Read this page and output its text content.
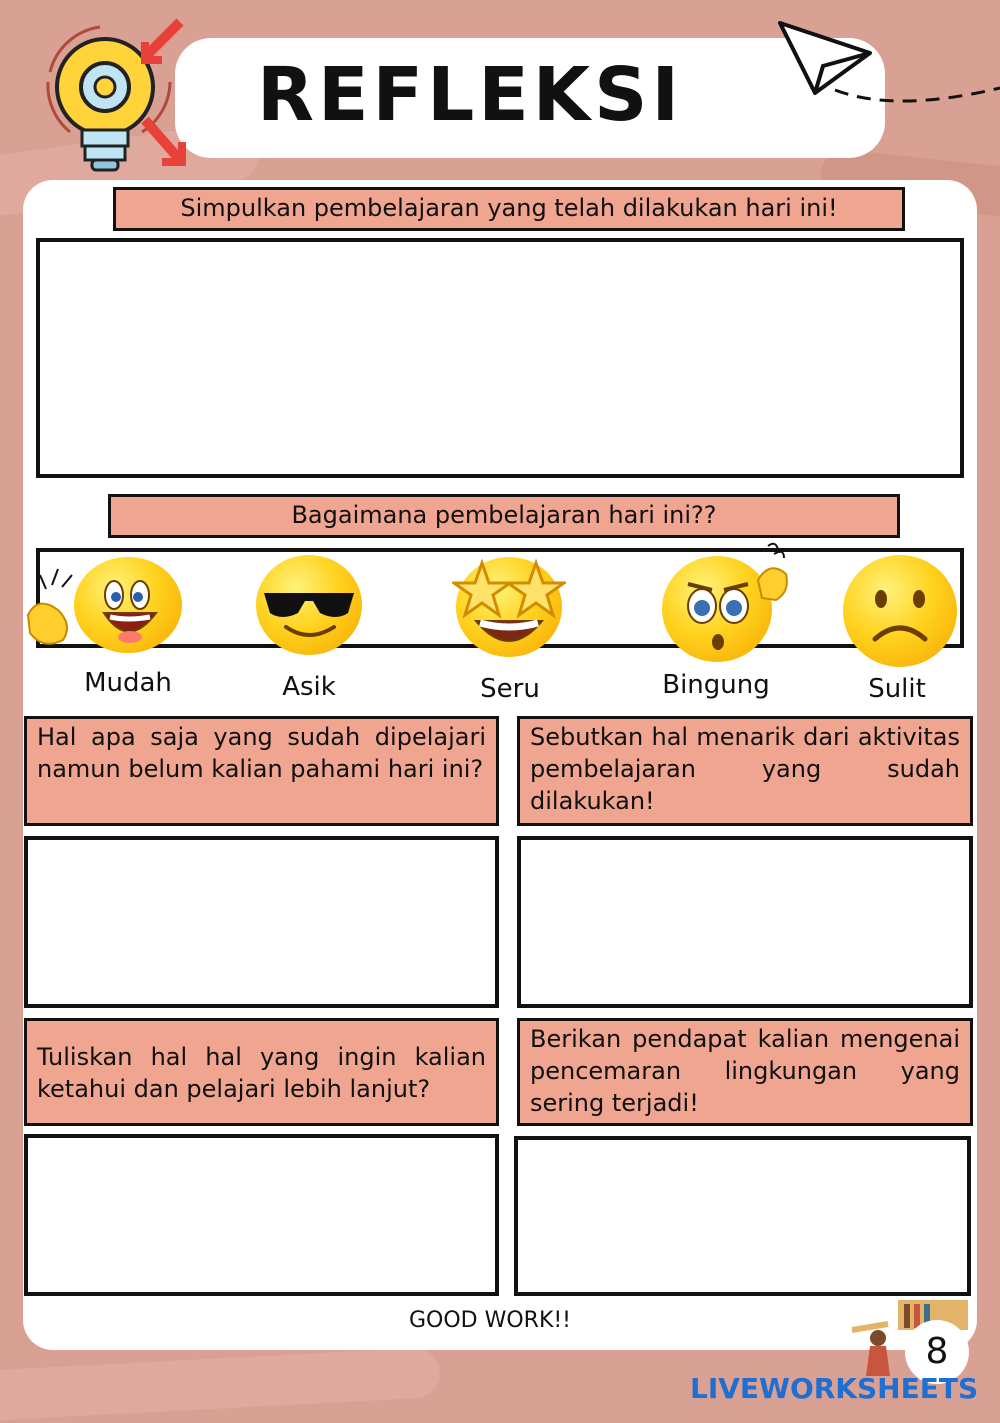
REFLEKSI
Simpulkan pembelajaran yang telah dilakukan hari ini!
Bagaimana pembelajaran hari ini??
Mudah	Asik	Seru	Bingung	Sulit
Hal apa saja yang sudah dipelajari namun belum kalian pahami hari ini?
Sebutkan hal menarik dari aktivitas pembelajaran yang sudah dilakukan!
Tuliskan hal hal yang ingin kalian ketahui dan pelajari lebih lanjut?
Berikan pendapat kalian mengenai pencemaran lingkungan yang sering terjadi!
GOOD WORK!!
8
LIVEWORKSHEETS
